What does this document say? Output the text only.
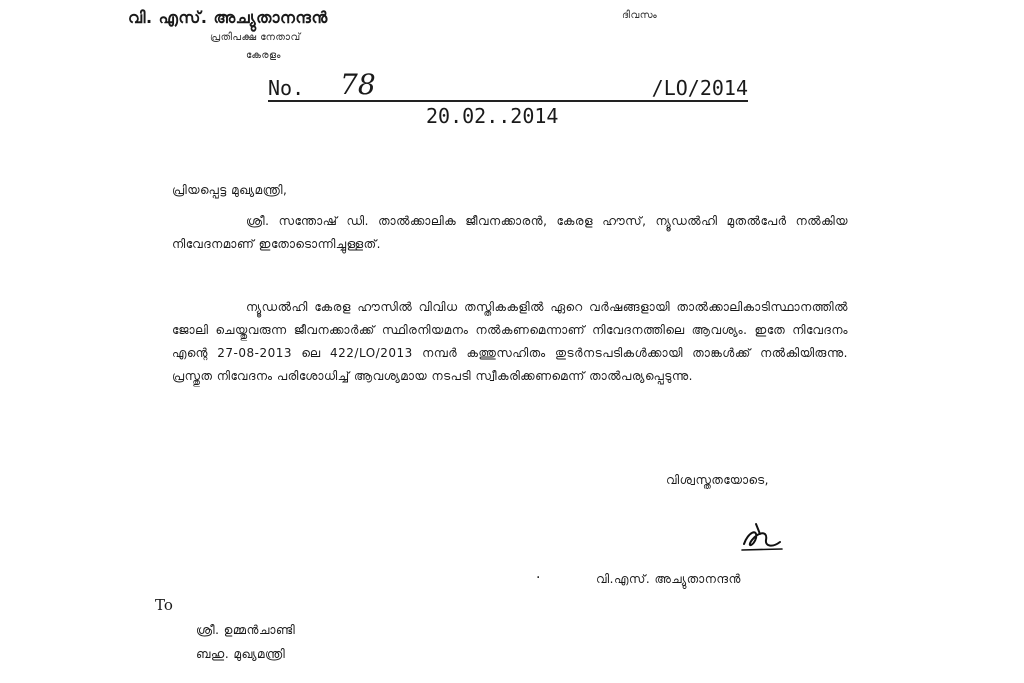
വി. എസ്. അച്യുതാനന്ദൻ
പ്രതിപക്ഷ നേതാവ്
കേരളം
ദിവസം
No. 78	/LO/2014
20.02..2014
പ്രിയപ്പെട്ട മുഖ്യമന്ത്രി,
ശ്രീ. സന്തോഷ് ഡി. താൽക്കാലിക ജീവനക്കാരൻ, കേരള ഹൗസ്, ന്യൂഡൽഹി മുതൽപേർ നൽകിയ നിവേദനമാണ് ഇതോടൊന്നിച്ചുള്ളത്.
ന്യൂഡൽഹി കേരള ഹൗസിൽ വിവിധ തസ്തികകളിൽ ഏറെ വർഷങ്ങളായി താൽക്കാലികാടിസ്ഥാനത്തിൽ ജോലി ചെയ്തുവരുന്ന ജീവനക്കാർക്ക് സ്ഥിരനിയമനം നൽകണമെന്നാണ് നിവേദനത്തിലെ ആവശ്യം. ഇതേ നിവേദനം എന്റെ 27-08-2013 ലെ 422/LO/2013 നമ്പർ കത്തുസഹിതം തുടർനടപടികൾക്കായി താങ്കൾക്ക് നൽകിയിരുന്നു. പ്രസ്തുത നിവേദനം പരിശോധിച്ച് ആവശ്യമായ നടപടി സ്വീകരിക്കണമെന്ന് താൽപര്യപ്പെടുന്നു.
വിശ്വസ്തതയോടെ,
.	വി.എസ്. അച്യുതാനന്ദൻ
To
ശ്രീ. ഉമ്മൻചാണ്ടി
ബഹു. മുഖ്യമന്ത്രി
